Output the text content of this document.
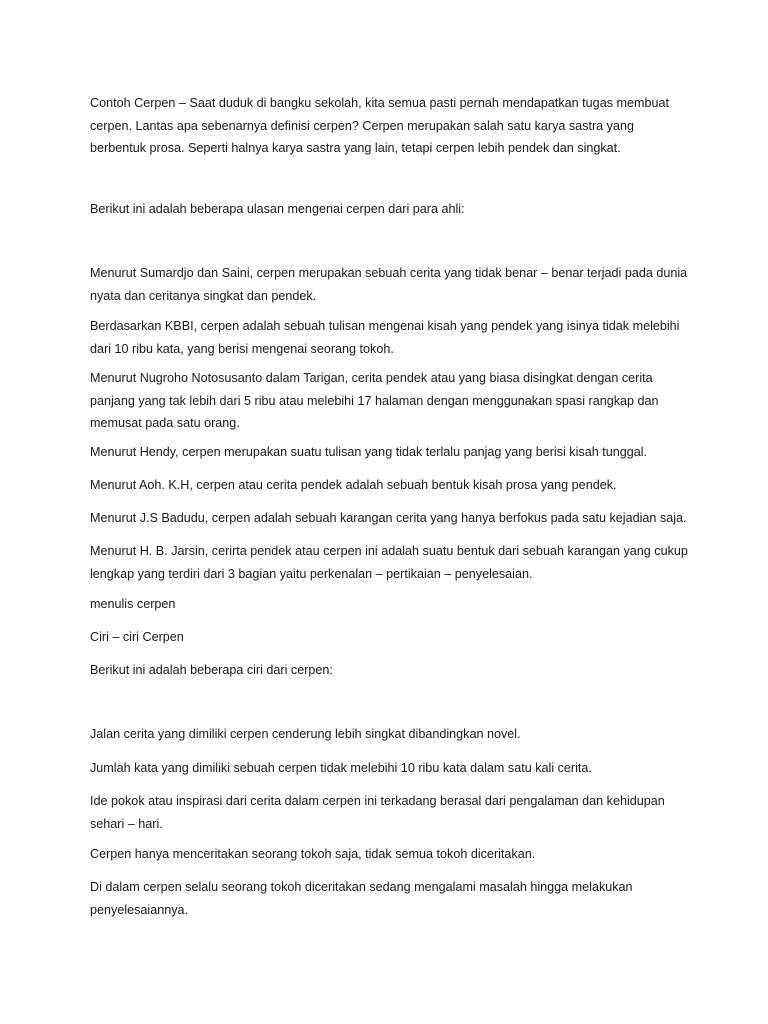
Contoh Cerpen – Saat duduk di bangku sekolah, kita semua pasti pernah mendapatkan tugas membuat cerpen. Lantas apa sebenarnya definisi cerpen? Cerpen merupakan salah satu karya sastra yang berbentuk prosa. Seperti halnya karya sastra yang lain, tetapi cerpen lebih pendek dan singkat.

Berikut ini adalah beberapa ulasan mengenai cerpen dari para ahli:

Menurut Sumardjo dan Saini, cerpen merupakan sebuah cerita yang tidak benar – benar terjadi pada dunia nyata dan ceritanya singkat dan pendek.

Berdasarkan KBBI, cerpen adalah sebuah tulisan mengenai kisah yang pendek yang isinya tidak melebihi dari 10 ribu kata, yang berisi mengenai seorang tokoh.

Menurut Nugroho Notosusanto dalam Tarigan, cerita pendek atau yang biasa disingkat dengan cerita panjang yang tak lebih dari 5 ribu atau melebihi 17 halaman dengan menggunakan spasi rangkap dan memusat pada satu orang.

Menurut Hendy, cerpen merupakan suatu tulisan yang tidak terlalu panjag yang berisi kisah tunggal.

Menurut Aoh. K.H, cerpen atau cerita pendek adalah sebuah bentuk kisah prosa yang pendek.

Menurut J.S Badudu, cerpen adalah sebuah karangan cerita yang hanya berfokus pada satu kejadian saja.

Menurut H. B. Jarsin, cerirta pendek atau cerpen ini adalah suatu bentuk dari sebuah karangan yang cukup lengkap yang terdiri dari 3 bagian yaitu perkenalan – pertikaian – penyelesaian.

menulis cerpen

Ciri – ciri Cerpen

Berikut ini adalah beberapa ciri dari cerpen:

Jalan cerita yang dimiliki cerpen cenderung lebih singkat dibandingkan novel.

Jumlah kata yang dimiliki sebuah cerpen tidak melebihi 10 ribu kata dalam satu kali cerita.

Ide pokok atau inspirasi dari cerita dalam cerpen ini terkadang berasal dari pengalaman dan kehidupan sehari – hari.

Cerpen hanya menceritakan seorang tokoh saja, tidak semua tokoh diceritakan.

Di dalam cerpen selalu seorang tokoh diceritakan sedang mengalami masalah hingga melakukan penyelesaiannya.
